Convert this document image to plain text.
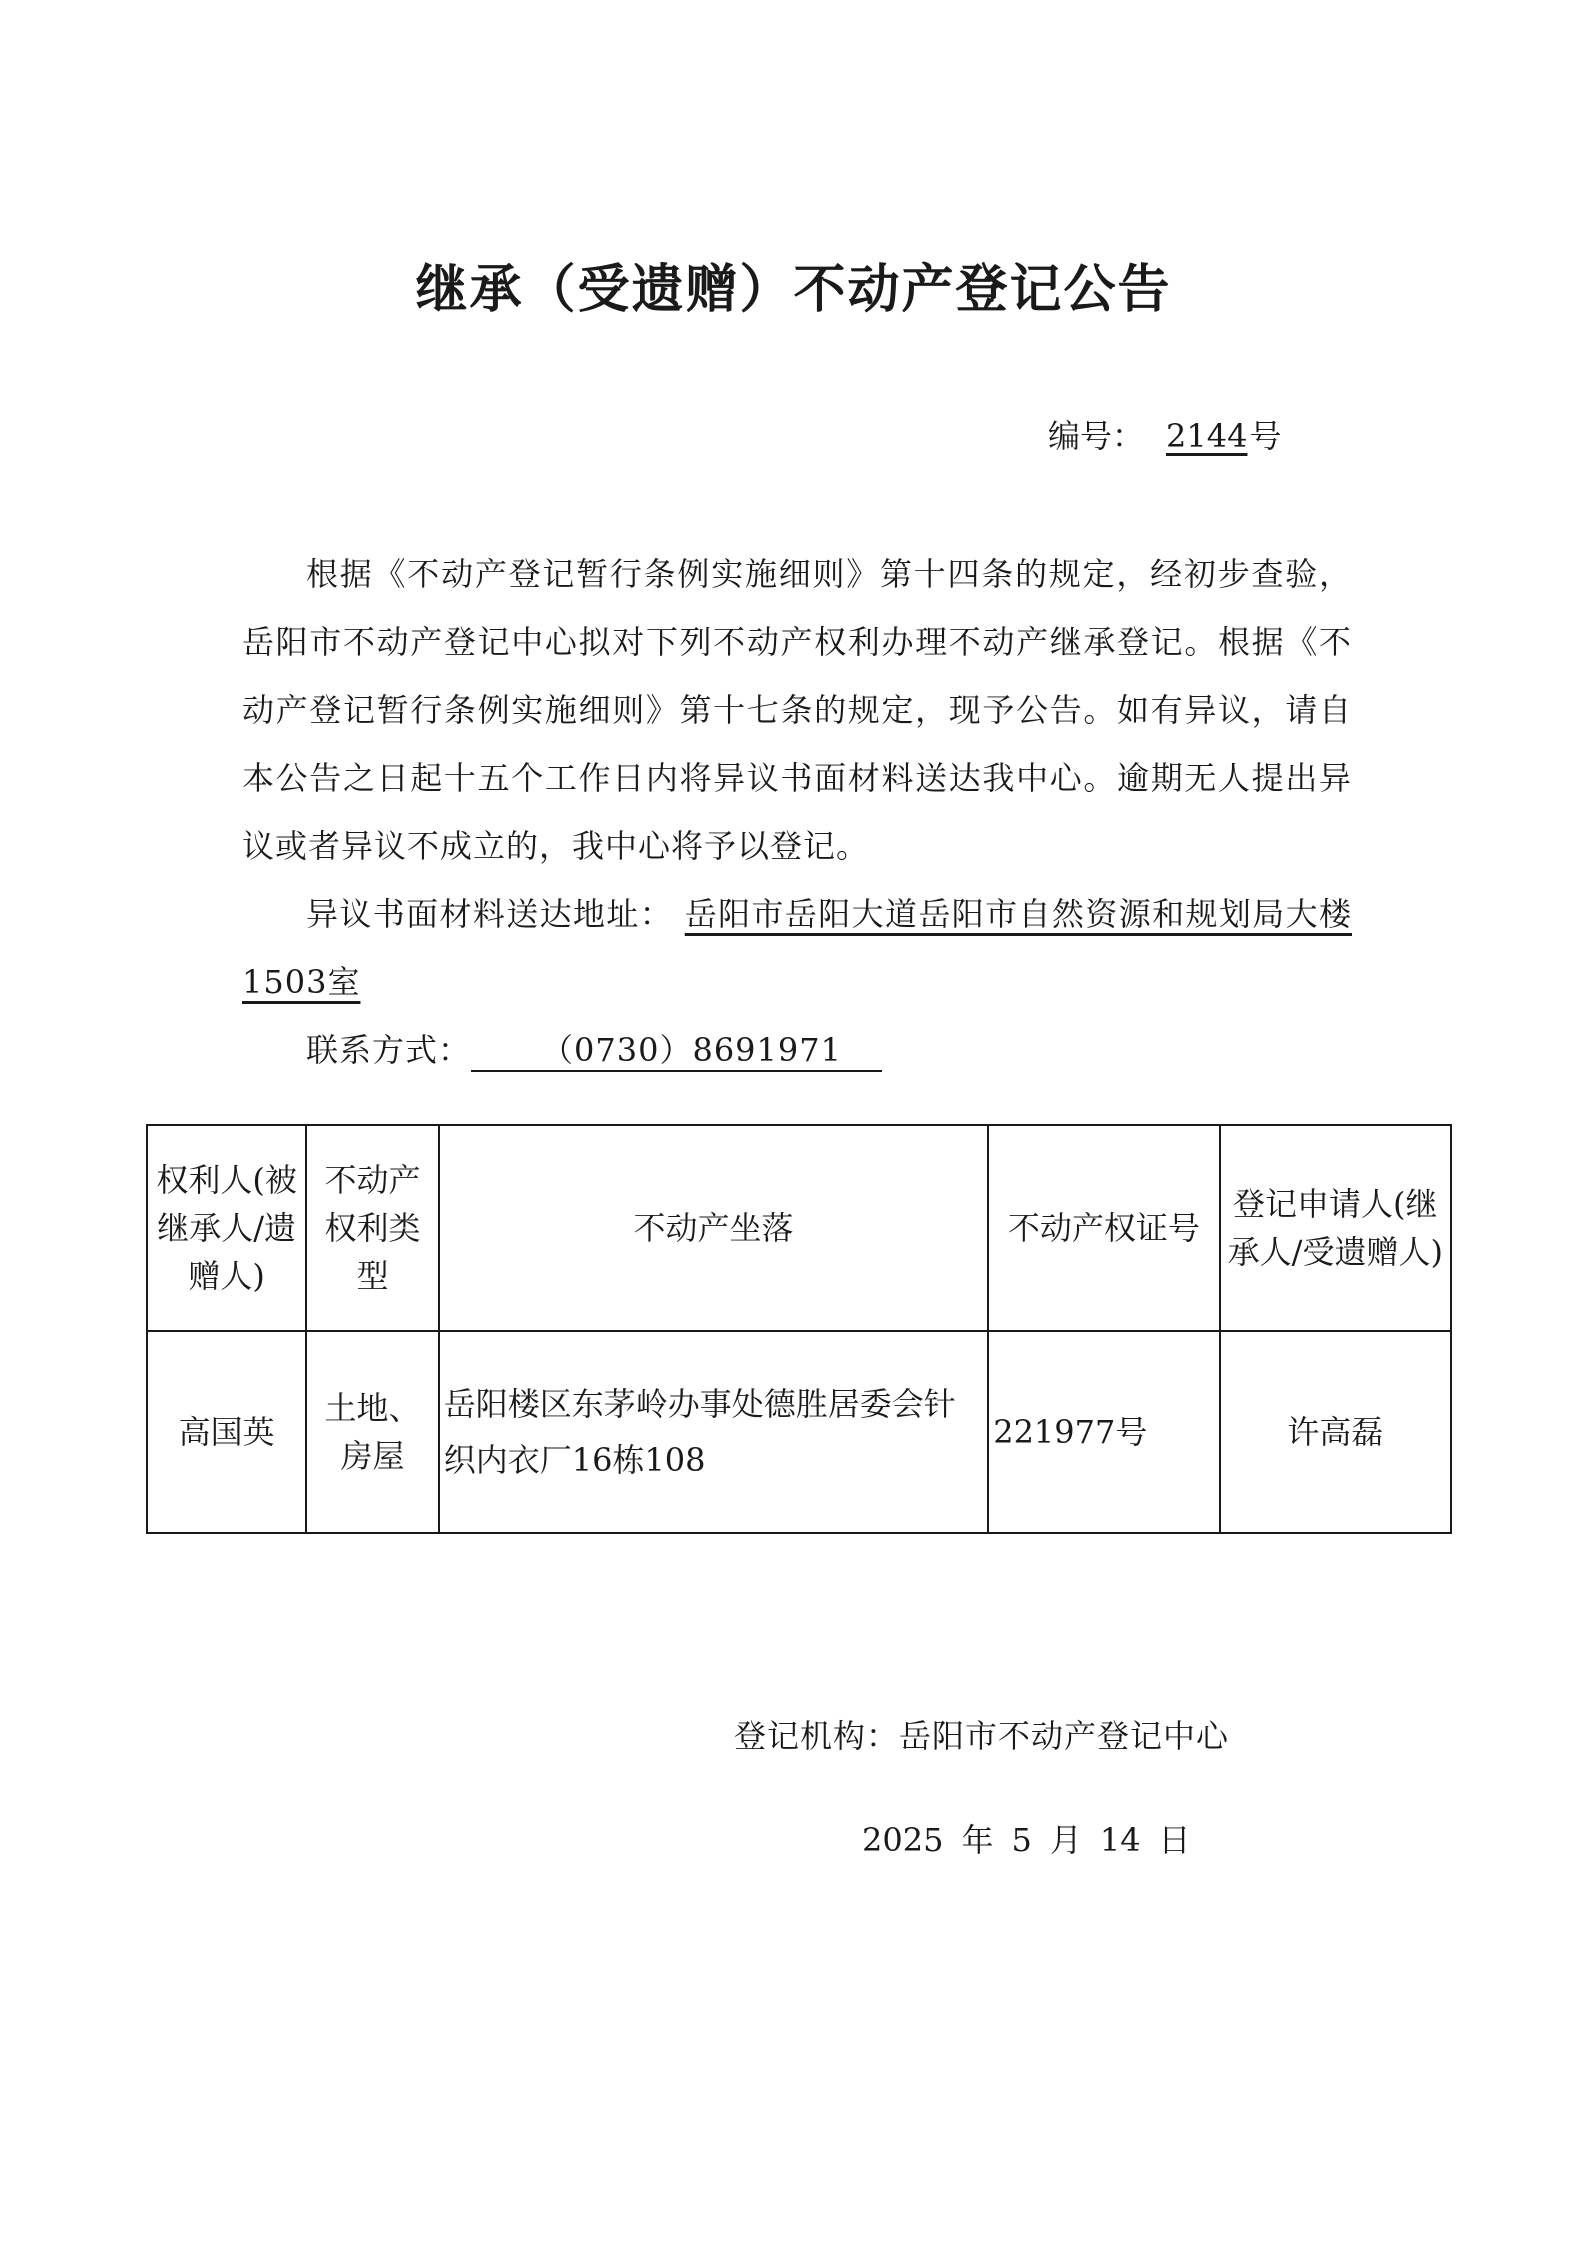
继承（受遗赠）不动产登记公告
编号： 2144号

根据《不动产登记暂行条例实施细则》第十四条的规定，经初步查验，岳阳市不动产登记中心拟对下列不动产权利办理不动产继承登记。根据《不动产登记暂行条例实施细则》第十七条的规定，现予公告。如有异议，请自本公告之日起十五个工作日内将异议书面材料送达我中心。逾期无人提出异议或者异议不成立的，我中心将予以登记。

异议书面材料送达地址： 岳阳市岳阳大道岳阳市自然资源和规划局大楼1503室

联系方式： （0730）8691971

权利人(被继承人/遗赠人)	不动产权利类型	不动产坐落	不动产权证号	登记申请人(继承人/受遗赠人)
高国英	土地、房屋	岳阳楼区东茅岭办事处德胜居委会针织内衣厂16栋108	221977号	许高磊
登记机构：岳阳市不动产登记中心
2025 年 5 月 14 日
